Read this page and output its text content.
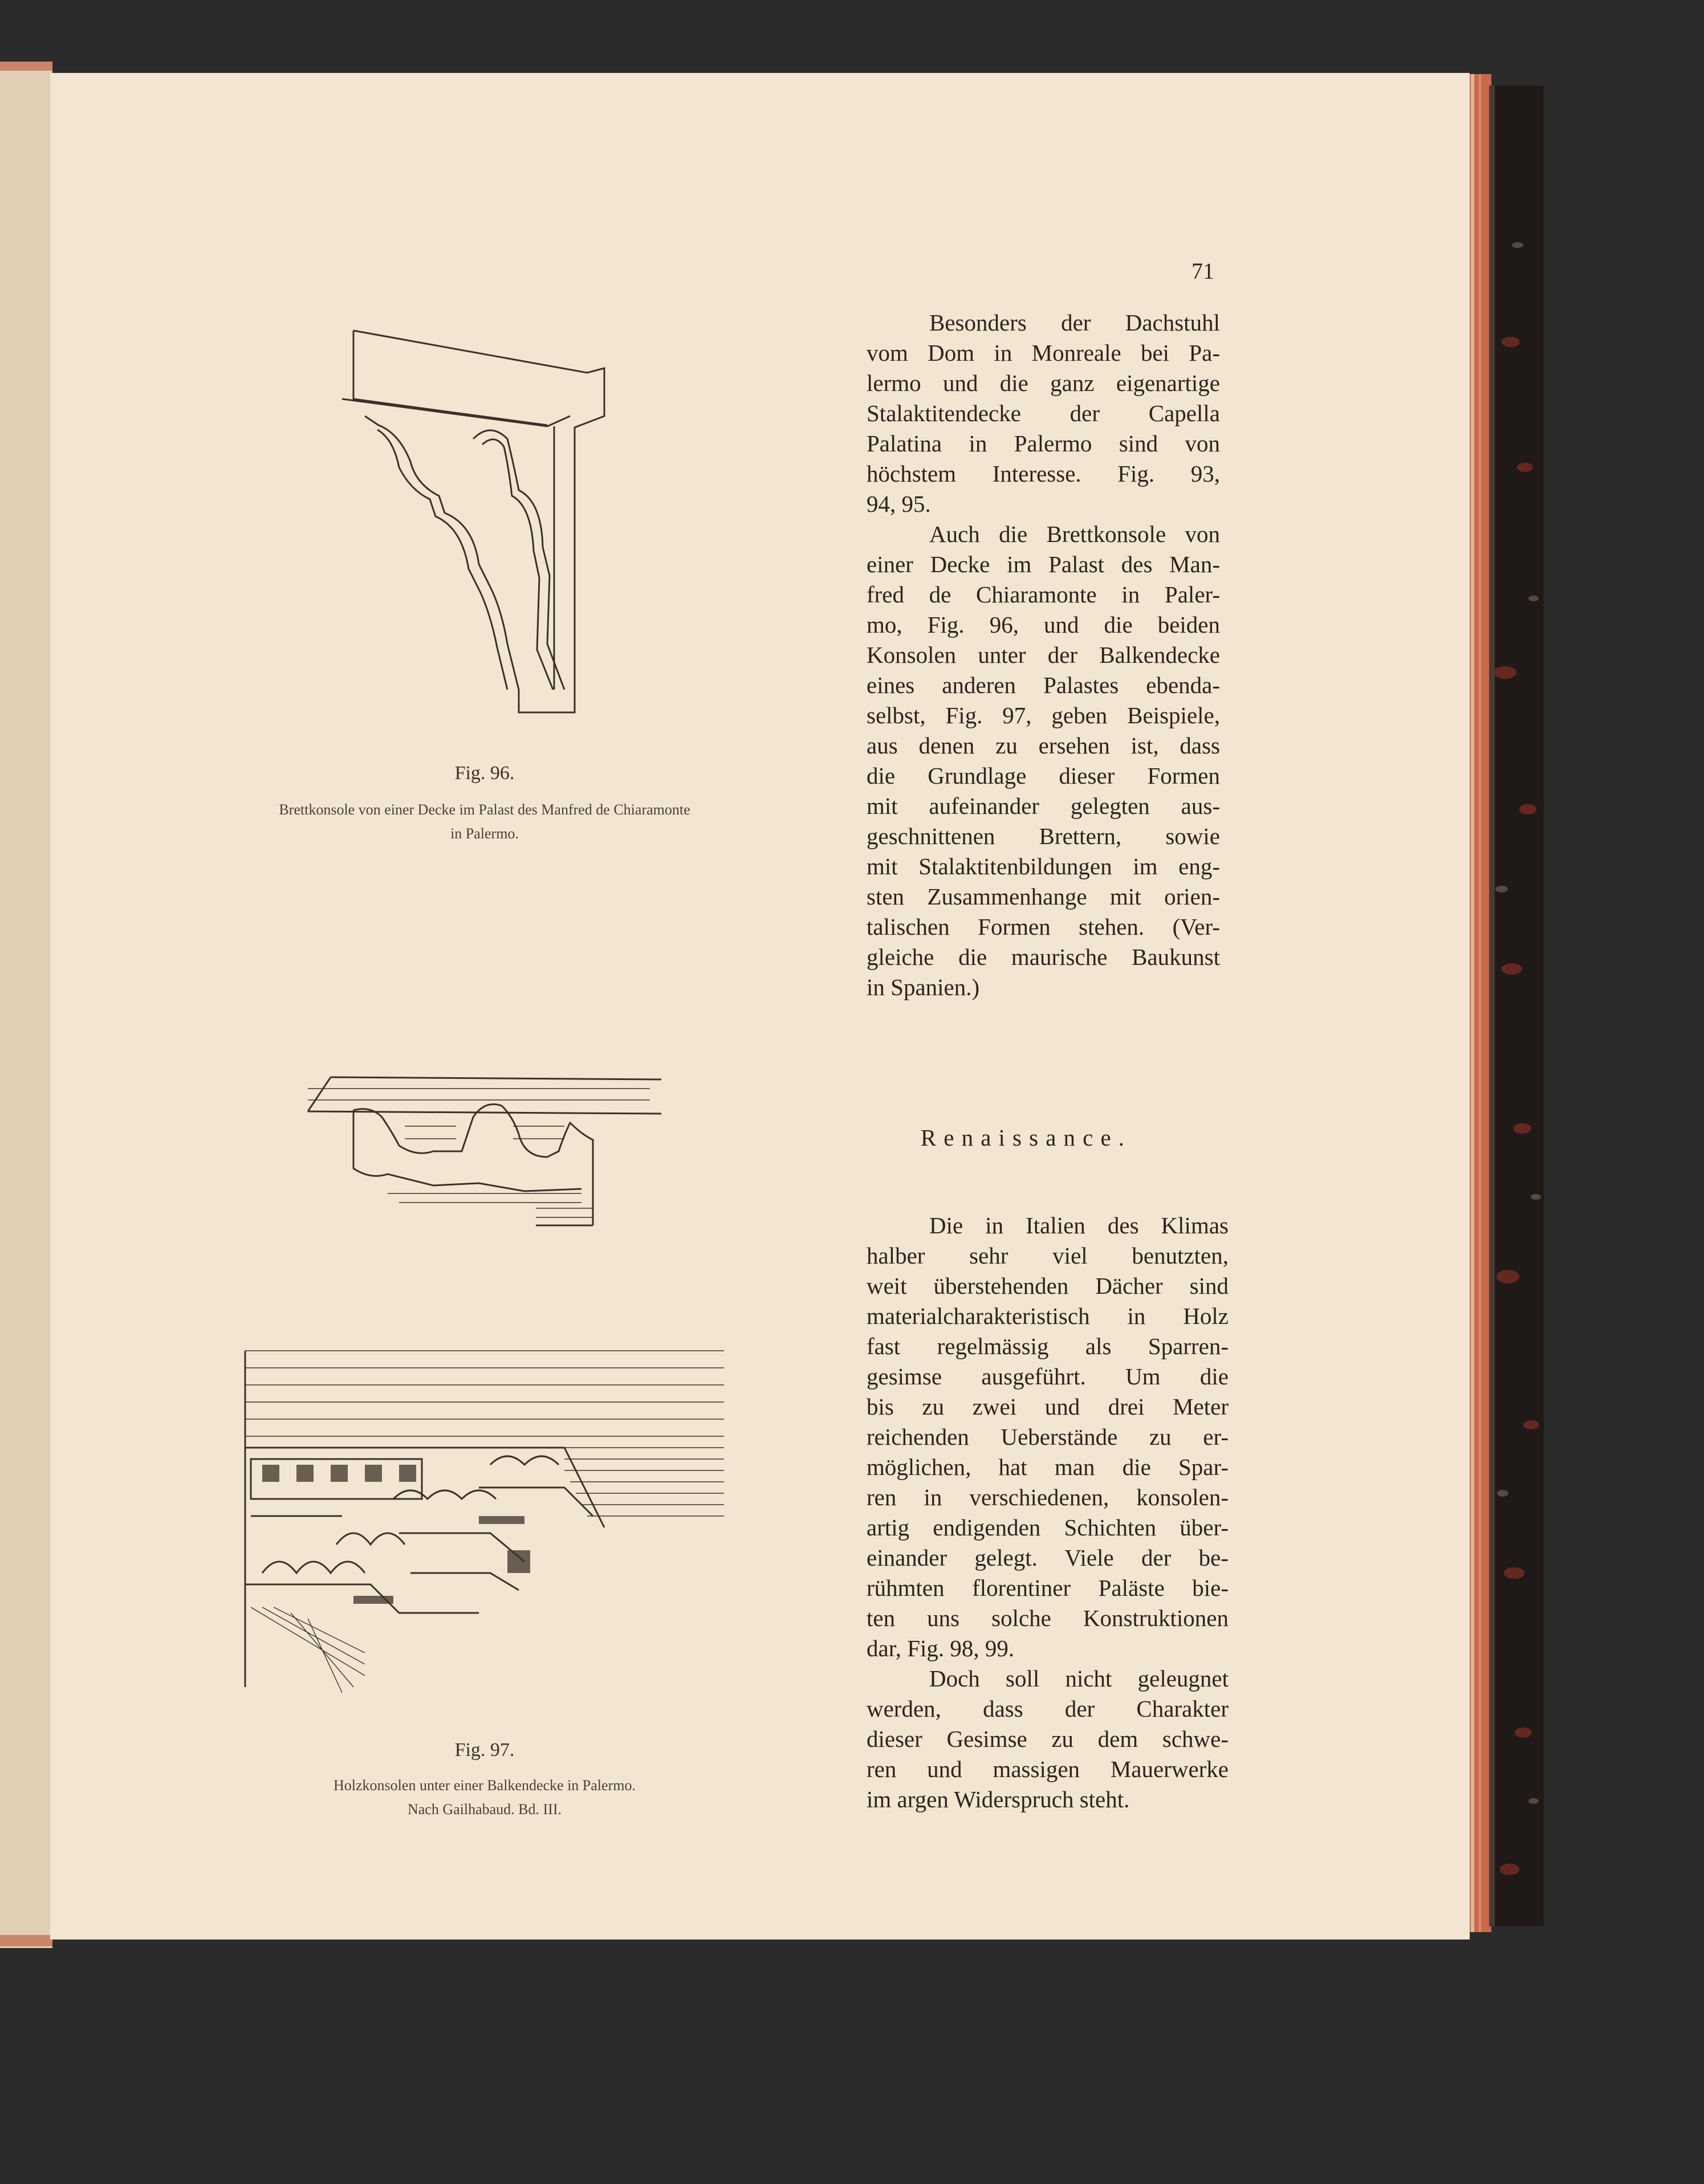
71
Fig. 96.
Brettkonsole von einer Decke im Palast des Manfred de Chiaramonte
in Palermo.
Fig. 97.
Holzkonsolen unter einer Balkendecke in Palermo.
Nach Gailhabaud. Bd. III.
Besonders der Dachstuhl
vom Dom in Monreale bei Pa-
lermo und die ganz eigenartige
Stalaktitendecke der Capella
Palatina in Palermo sind von
höchstem Interesse. Fig. 93,
94, 95.
Auch die Brettkonsole von
einer Decke im Palast des Man-
fred de Chiaramonte in Paler-
mo, Fig. 96, und die beiden
Konsolen unter der Balkendecke
eines anderen Palastes ebenda-
selbst, Fig. 97, geben Beispiele,
aus denen zu ersehen ist, dass
die Grundlage dieser Formen
mit aufeinander gelegten aus-
geschnittenen Brettern, sowie
mit Stalaktitenbildungen im eng-
sten Zusammenhange mit orien-
talischen Formen stehen. (Ver-
gleiche die maurische Baukunst
in Spanien.)
Renaissance.
Die in Italien des Klimas
halber sehr viel benutzten,
weit überstehenden Dächer sind
materialcharakteristisch in Holz
fast regelmässig als Sparren-
gesimse ausgeführt. Um die
bis zu zwei und drei Meter
reichenden Ueberstände zu er-
möglichen, hat man die Spar-
ren in verschiedenen, konsolen-
artig endigenden Schichten über-
einander gelegt. Viele der be-
rühmten florentiner Paläste bie-
ten uns solche Konstruktionen
dar, Fig. 98, 99.
Doch soll nicht geleugnet
werden, dass der Charakter
dieser Gesimse zu dem schwe-
ren und massigen Mauerwerke
im argen Widerspruch steht.
